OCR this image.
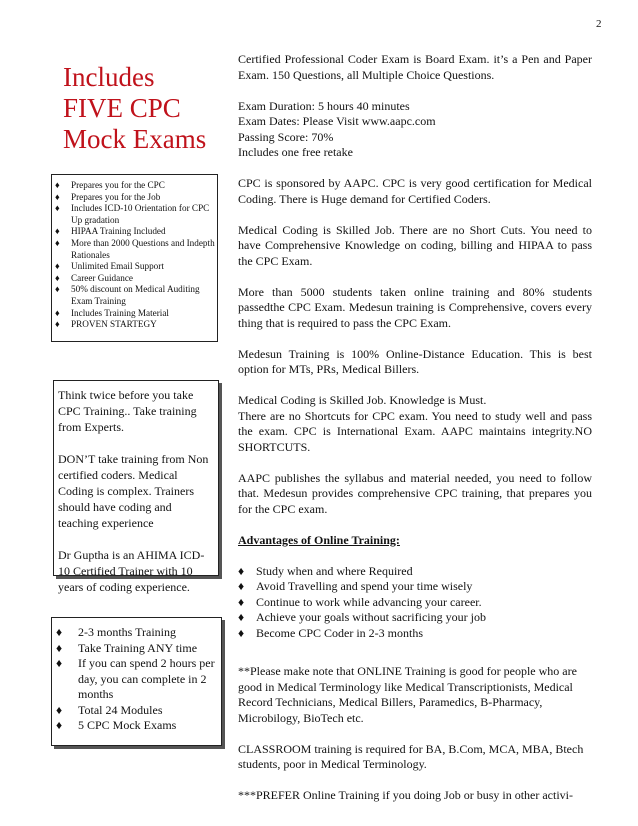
2
Includes
FIVE CPC
Mock Exams
♦ Prepares you for the CPC
♦ Prepares you for the Job
♦ Includes ICD-10 Orientation for CPC Up gradation
♦ HIPAA Training Included
♦ More than 2000 Questions and Indepth Rationales
♦ Unlimited Email Support
♦ Career Guidance
♦ 50% discount on Medical Auditing Exam Training
♦ Includes Training Material
♦ PROVEN STARTEGY

Think twice before you take CPC Training.. Take training from Experts.

DON’T take training from Non certified coders. Medical Coding is complex. Trainers should have coding and teaching experience

Dr Guptha is an AHIMA ICD-10 Certified Trainer with 10 years of coding experience.

♦ 2-3 months Training
♦ Take Training ANY time
♦ If you can spend 2 hours per day, you can complete in 2 months
♦ Total 24 Modules
♦ 5 CPC Mock Exams

Certified Professional Coder Exam is Board Exam. it’s a Pen and Paper Exam. 150 Questions, all Multiple Choice Questions.

Exam Duration: 5 hours 40 minutes

Exam Dates: Please Visit www.aapc.com

Passing Score: 70%

Includes one free retake

CPC is sponsored by AAPC. CPC is very good certification for Medical Coding. There is Huge demand for Certified Coders.

Medical Coding is Skilled Job. There are no Short Cuts. You need to have Comprehensive Knowledge on coding, billing and HIPAA to pass the CPC Exam.

More than 5000 students taken online training and 80% students passedthe CPC Exam. Medesun training is Comprehensive, covers every thing that is required to pass the CPC Exam.

Medesun Training is 100% Online-Distance Education. This is best option for MTs, PRs, Medical Billers.

Medical Coding is Skilled Job. Knowledge is Must.

There are no Shortcuts for CPC exam. You need to study well and pass the exam. CPC is International Exam. AAPC maintains integrity.NO SHORTCUTS.

AAPC publishes the syllabus and material needed, you need to follow that. Medesun provides comprehensive CPC training, that prepares you for the CPC exam.

Advantages of Online Training:

♦ Study when and where Required
♦ Avoid Travelling and spend your time wisely
♦ Continue to work while advancing your career.
♦ Achieve your goals without sacrificing your job
♦ Become CPC Coder in 2-3 months

**Please make note that ONLINE Training is good for people who are good in Medical Terminology like Medical Transcriptionists, Medical Record Technicians, Medical Billers, Paramedics, B-Pharmacy, Microbilogy, BioTech etc.

CLASSROOM training is required for BA, B.Com, MCA, MBA, Btech students, poor in Medical Terminology.

***PREFER Online Training if you doing Job or busy in other activi-
